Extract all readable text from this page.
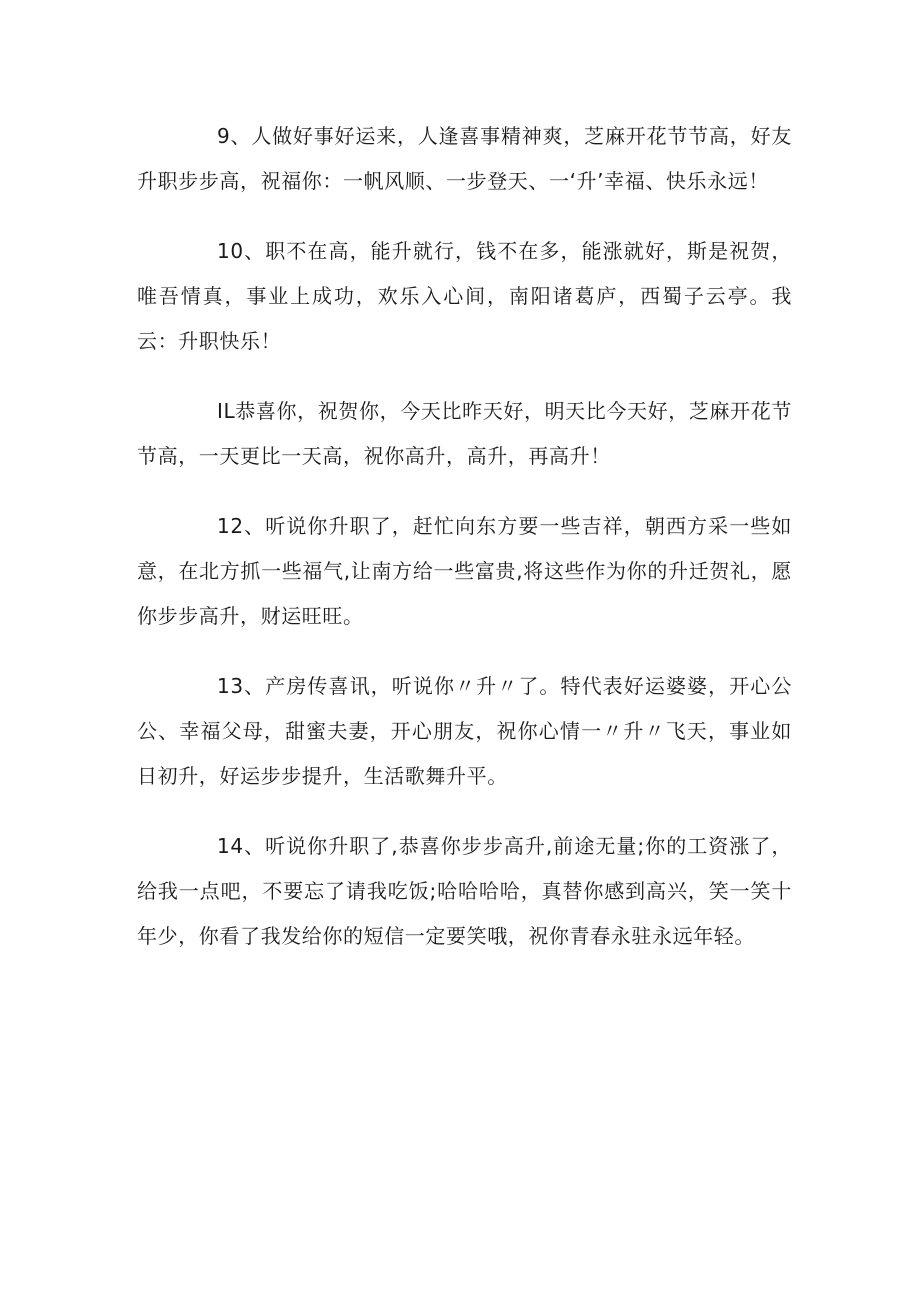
9、人做好事好运来，人逢喜事精神爽，芝麻开花节节高，好友升职步步高，祝福你：一帆风顺、一步登天、一‘升’幸福、快乐永远！

10、职不在高，能升就行，钱不在多，能涨就好，斯是祝贺，唯吾情真，事业上成功，欢乐入心间，南阳诸葛庐，西蜀子云亭。我云：升职快乐！

IL恭喜你，祝贺你，今天比昨天好，明天比今天好，芝麻开花节节高，一天更比一天高，祝你高升，高升，再高升！

12、听说你升职了，赶忙向东方要一些吉祥，朝西方采一些如意，在北方抓一些福气,让南方给一些富贵,将这些作为你的升迁贺礼，愿你步步高升，财运旺旺。

13、产房传喜讯，听说你〃升〃了。特代表好运婆婆，开心公公、幸福父母，甜蜜夫妻，开心朋友，祝你心情一〃升〃飞天，事业如日初升，好运步步提升，生活歌舞升平。

14、听说你升职了,恭喜你步步高升,前途无量;你的工资涨了，给我一点吧，不要忘了请我吃饭;哈哈哈哈，真替你感到高兴，笑一笑十年少，你看了我发给你的短信一定要笑哦，祝你青春永驻永远年轻。
